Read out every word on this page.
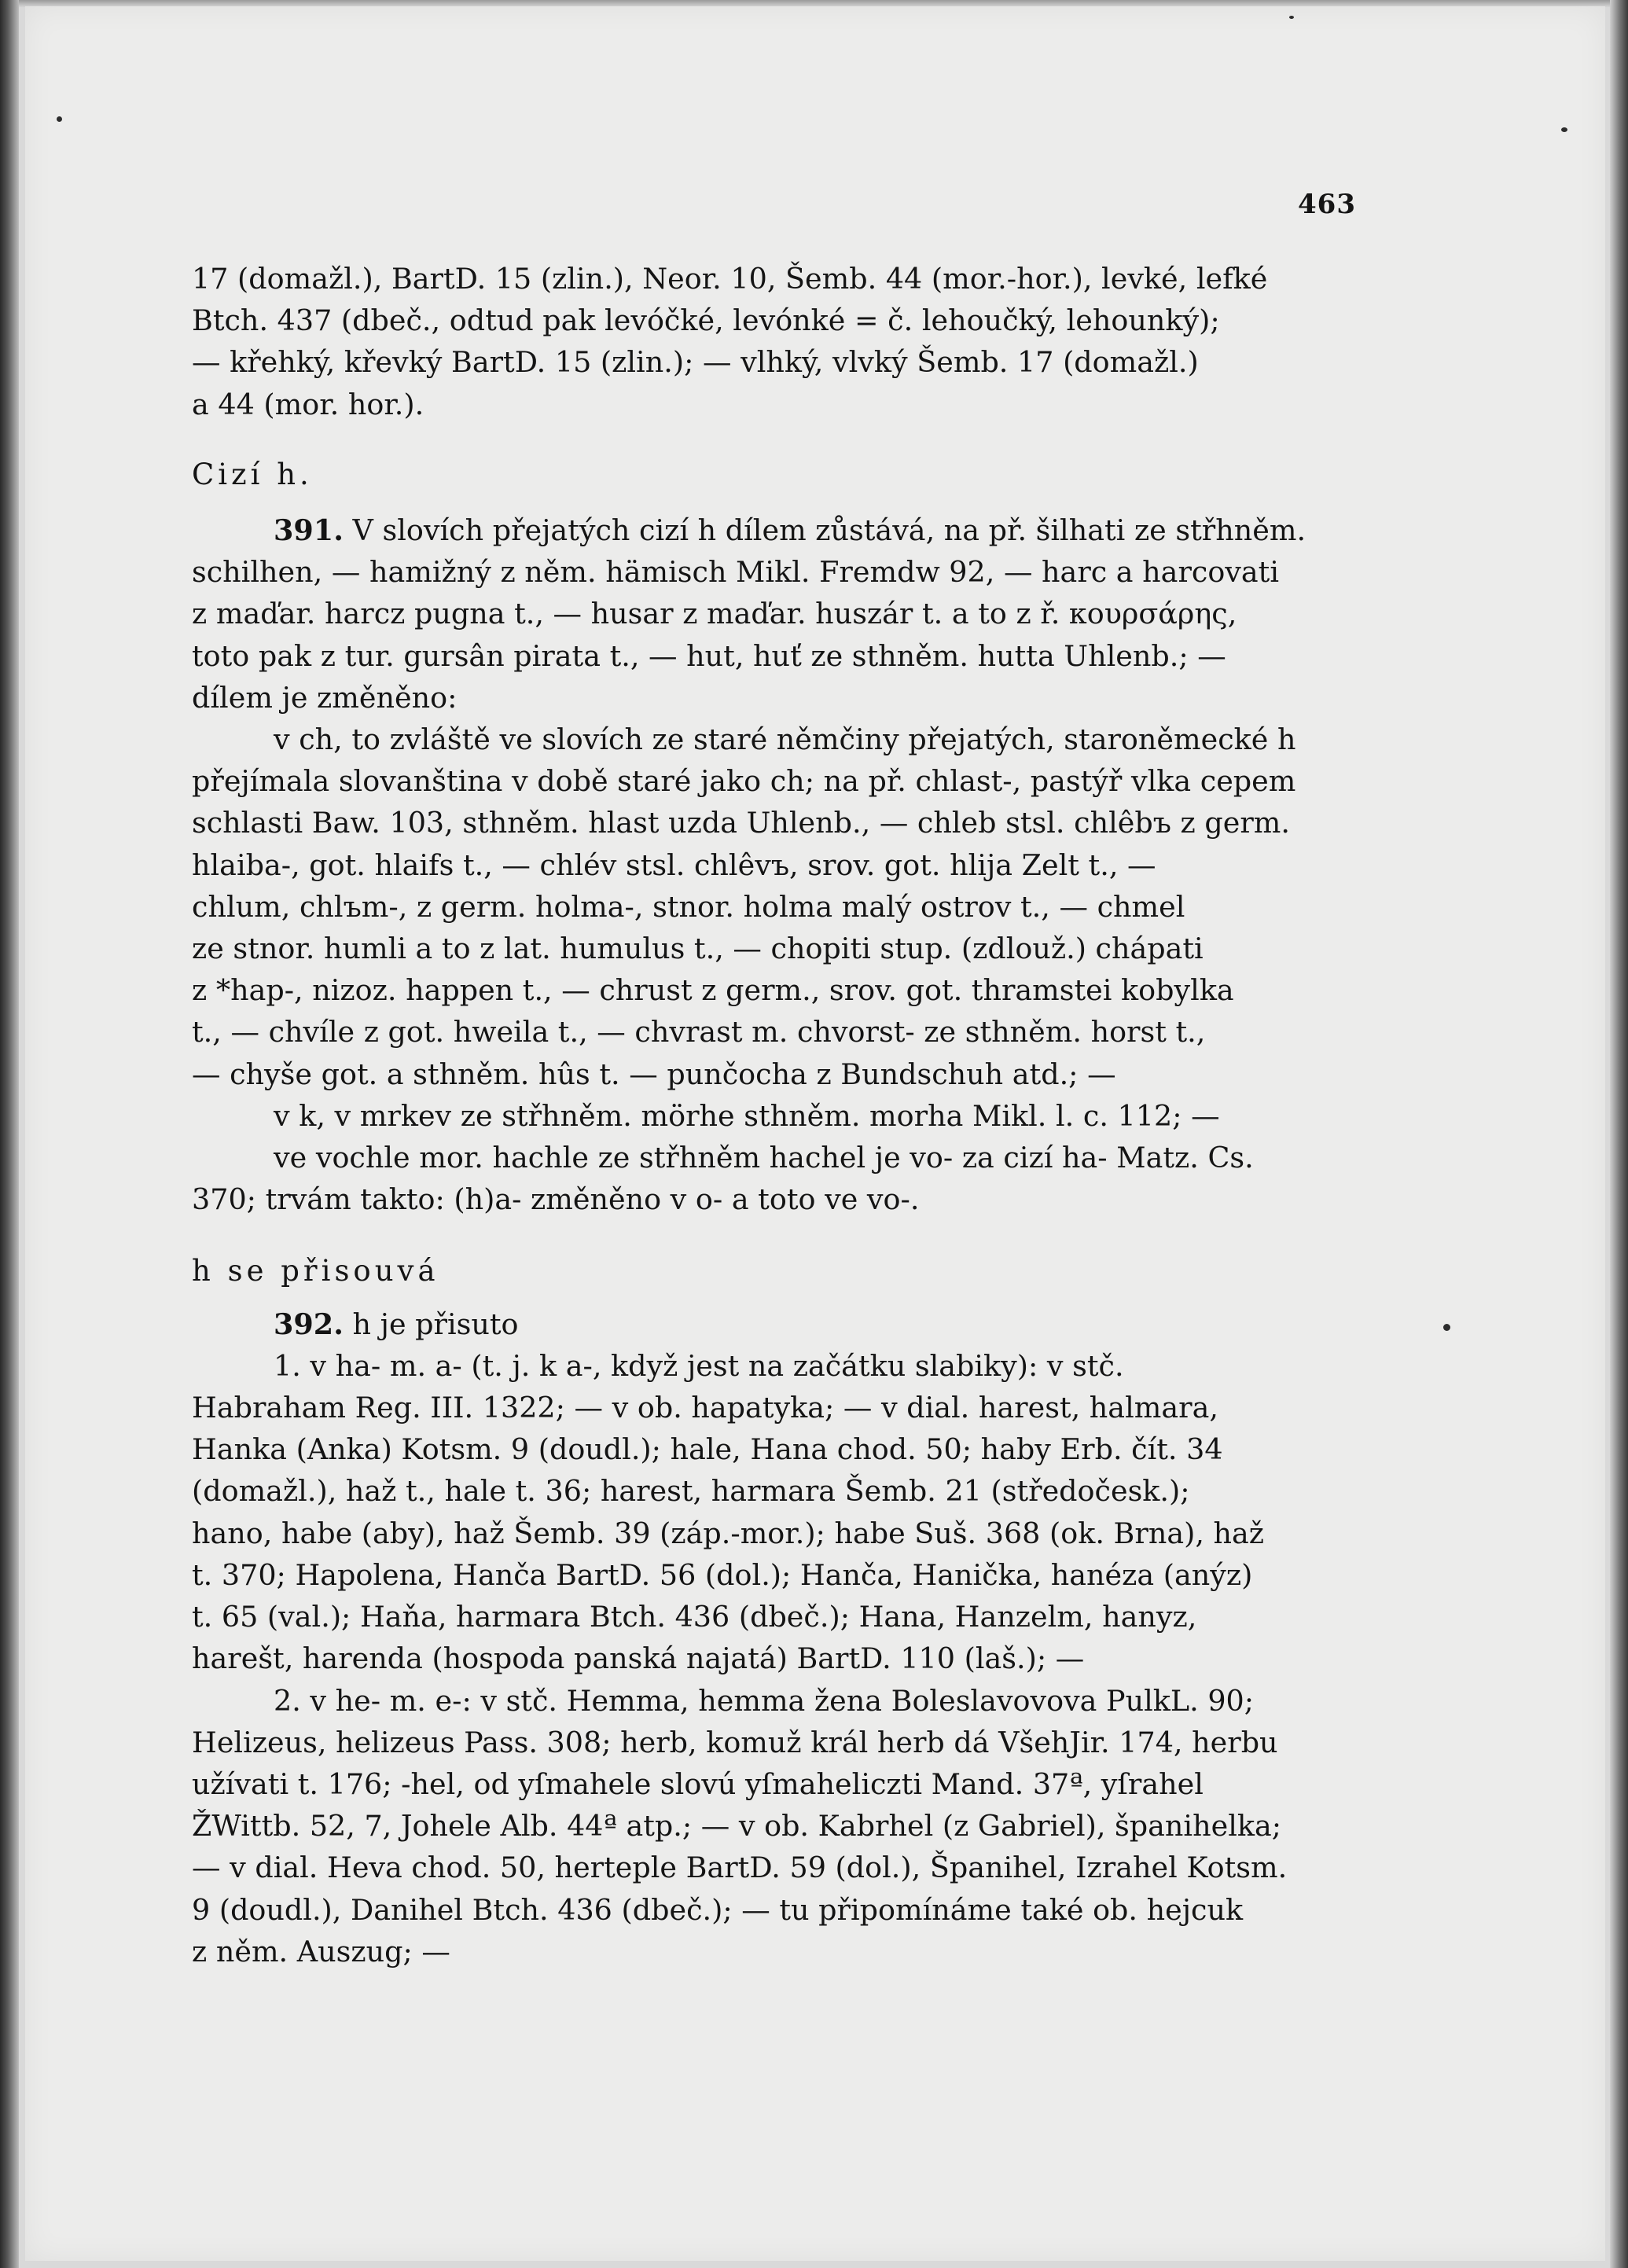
463

17 (domažl.), BartD. 15 (zlin.), Neor. 10, Šemb. 44 (mor.-hor.), levké, lefké
Btch. 437 (dbeč., odtud pak levóčké, levónké = č. lehoučký, lehounký);
— křehký, křevký BartD. 15 (zlin.); — vlhký, vlvký Šemb. 17 (domažl.)
a 44 (mor. hor.).

Cizí h.

391. V slovích přejatých cizí h dílem zůstává, na př. šilhati ze střhněm.
schilhen, — hamižný z něm. hämisch Mikl. Fremdw 92, — harc a harcovati
z maďar. harcz pugna t., — husar z maďar. huszár t. a to z ř. κουρσάρης,
toto pak z tur. gursân pirata t., — hut, huť ze sthněm. hutta Uhlenb.; —
dílem je změněno:

v ch, to zvláště ve slovích ze staré němčiny přejatých, staroněmecké h
přejímala slovanština v době staré jako ch; na př. chlast-, pastýř vlka cepem
schlasti Baw. 103, sthněm. hlast uzda Uhlenb., — chleb stsl. chlêbъ z germ.
hlaiba-, got. hlaifs t., — chlév stsl. chlêvъ, srov. got. hlija Zelt t., —
chlum, chlъm-, z germ. holma-, stnor. holma malý ostrov t., — chmel
ze stnor. humli a to z lat. humulus t., — chopiti stup. (zdlouž.) chápati
z *hap-, nizoz. happen t., — chrust z germ., srov. got. thramstei kobylka
t., — chvíle z got. hweila t., — chvrast m. chvorst- ze sthněm. horst t.,
— chyše got. a sthněm. hûs t. — punčocha z Bundschuh atd.; —

v k, v mrkev ze střhněm. mörhe sthněm. morha Mikl. l. c. 112; —

ve vochle mor. hachle ze střhněm hachel je vo- za cizí ha- Matz. Cs.
370; trvám takto: (h)a- změněno v o- a toto ve vo-.

h se přisouvá

392. h je přisuto

1. v ha- m. a- (t. j. k a-, když jest na začátku slabiky): v stč.
Habraham Reg. III. 1322; — v ob. hapatyka; — v dial. harest, halmara,
Hanka (Anka) Kotsm. 9 (doudl.); hale, Hana chod. 50; haby Erb. čít. 34
(domažl.), haž t., hale t. 36; harest, harmara Šemb. 21 (středočesk.);
hano, habe (aby), haž Šemb. 39 (záp.-mor.); habe Suš. 368 (ok. Brna), haž
t. 370; Hapolena, Hanča BartD. 56 (dol.); Hanča, Hanička, hanéza (anýz)
t. 65 (val.); Haňa, harmara Btch. 436 (dbeč.); Hana, Hanzelm, hanyz,
harešt, harenda (hospoda panská najatá) BartD. 110 (laš.); —

2. v he- m. e-: v stč. Hemma, hemma žena Boleslavovova PulkL. 90;
Helizeus, helizeus Pass. 308; herb, komuž král herb dá VšehJir. 174, herbu
užívati t. 176; -hel, od yſmahele slovú yſmaheliczti Mand. 37ª, yſrahel
ŽWittb. 52, 7, Johele Alb. 44ª atp.; — v ob. Kabrhel (z Gabriel), španihelka;
— v dial. Heva chod. 50, herteple BartD. 59 (dol.), Španihel, Izrahel Kotsm.
9 (doudl.), Danihel Btch. 436 (dbeč.); — tu připomínáme také ob. hejcuk
z něm. Auszug; —
